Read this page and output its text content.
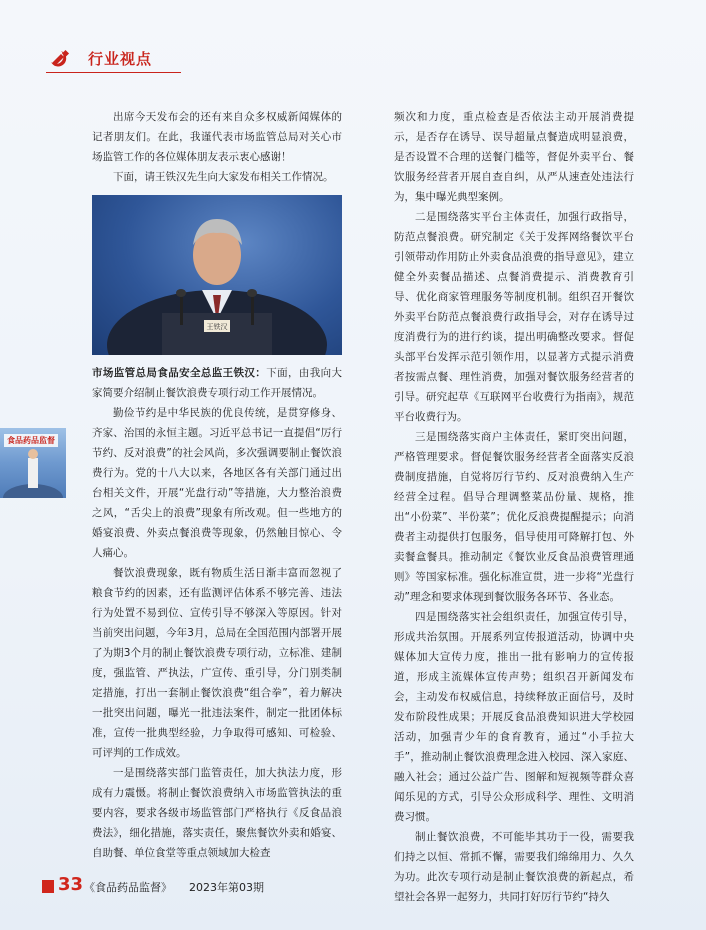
行业视点

出席今天发布会的还有来自众多权威新闻媒体的记者朋友们。在此，我谨代表市场监管总局对关心市场监管工作的各位媒体朋友表示衷心感谢！

下面，请王铁汉先生向大家发布相关工作情况。

王铁汉

市场监管总局食品安全总监王铁汉：下面，由我向大家简要介绍制止餐饮浪费专项行动工作开展情况。

勤俭节约是中华民族的优良传统，是贯穿修身、齐家、治国的永恒主题。习近平总书记一直提倡“厉行节约、反对浪费”的社会风尚，多次强调要制止餐饮浪费行为。党的十八大以来，各地区各有关部门通过出台相关文件，开展“光盘行动”等措施，大力整治浪费之风，“舌尖上的浪费”现象有所改观。但一些地方的婚宴浪费、外卖点餐浪费等现象，仍然触目惊心、令人痛心。

餐饮浪费现象，既有物质生活日渐丰富而忽视了粮食节约的因素，还有监测评估体系不够完善、违法行为处置不易到位、宣传引导不够深入等原因。针对当前突出问题，今年3月，总局在全国范围内部署开展了为期3个月的制止餐饮浪费专项行动，立标准、建制度，强监管、严执法，广宣传、重引导，分门别类制定措施，打出一套制止餐饮浪费“组合拳”，着力解决一批突出问题，曝光一批违法案件，制定一批团体标准，宣传一批典型经验，力争取得可感知、可检验、可评判的工作成效。

一是围绕落实部门监管责任，加大执法力度，形成有力震慑。将制止餐饮浪费纳入市场监管执法的重要内容，要求各级市场监管部门严格执行《反食品浪费法》，细化措施，落实责任，聚焦餐饮外卖和婚宴、自助餐、单位食堂等重点领域加大检查

频次和力度，重点检查是否依法主动开展消费提示，是否存在诱导、误导超量点餐造成明显浪费，是否设置不合理的送餐门槛等，督促外卖平台、餐饮服务经营者开展自查自纠，从严从速查处违法行为，集中曝光典型案例。

二是围绕落实平台主体责任，加强行政指导，防范点餐浪费。研究制定《关于发挥网络餐饮平台引领带动作用防止外卖食品浪费的指导意见》，建立健全外卖餐品描述、点餐消费提示、消费教育引导、优化商家管理服务等制度机制。组织召开餐饮外卖平台防范点餐浪费行政指导会，对存在诱导过度消费行为的进行约谈，提出明确整改要求。督促头部平台发挥示范引领作用，以显著方式提示消费者按需点餐、理性消费，加强对餐饮服务经营者的引导。研究起草《互联网平台收费行为指南》，规范平台收费行为。

三是围绕落实商户主体责任，紧盯突出问题，严格管理要求。督促餐饮服务经营者全面落实反浪费制度措施，自觉将厉行节约、反对浪费纳入生产经营全过程。倡导合理调整菜品份量、规格，推出“小份菜”、半份菜”；优化反浪费提醒提示；向消费者主动提供打包服务，倡导使用可降解打包、外卖餐盒餐具。推动制定《餐饮业反食品浪费管理通则》等国家标准。强化标准宣贯，进一步将“光盘行动”理念和要求体现到餐饮服务各环节、各业态。

四是围绕落实社会组织责任，加强宣传引导，形成共治氛围。开展系列宣传报道活动，协调中央媒体加大宣传力度，推出一批有影响力的宣传报道，形成主流媒体宣传声势；组织召开新闻发布会，主动发布权威信息，持续释放正面信号，及时发布阶段性成果；开展反食品浪费知识进大学校园活动，加强青少年的食育教育，通过“小手拉大手”，推动制止餐饮浪费理念进入校园、深入家庭、融入社会；通过公益广告、图解和短视频等群众喜闻乐见的方式，引导公众形成科学、理性、文明消费习惯。

制止餐饮浪费，不可能毕其功于一役，需要我们持之以恒、常抓不懈，需要我们绵绵用力、久久为功。此次专项行动是制止餐饮浪费的新起点，希望社会各界一起努力，共同打好厉行节约“持久

食品药品监督
33 《食品药品监督》 2023年第03期
